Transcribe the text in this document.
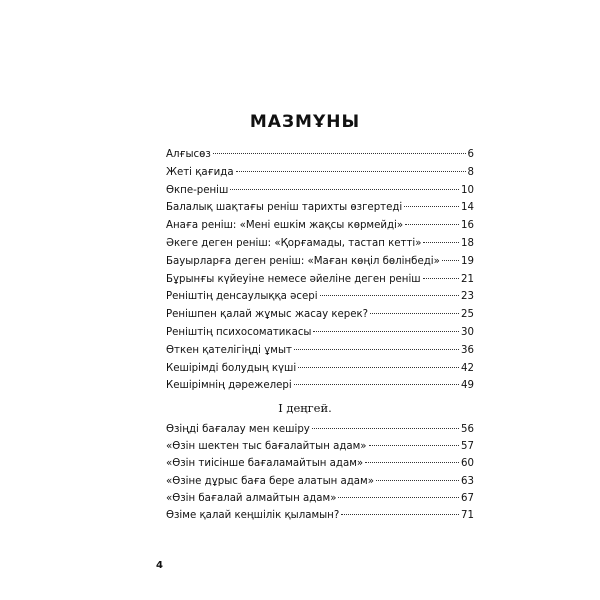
МАЗМҰНЫ
Алғысөз	6
Жеті қағида	8
Өкпе-реніш	10
Балалық шақтағы реніш тарихты өзгертеді	14
Анаға реніш: «Мені ешкім жақсы көрмейді»	16
Әкеге деген реніш: «Қорғамады, тастап кетті»	18
Бауырларға деген реніш: «Маған көңіл бөлінбеді» 19
Бұрынғы күйеуіне немесе әйеліне деген реніш	21
Ренiштiң денсаулыққа әсерi	23
Ренішпен қалай жұмыс жасау керек?	25
Ренiштiң психосоматикасы	30
Өткен қателігіңді ұмыт	36
Кешірімді болудың күші	42
Кешірімнің дәрежелері	49
І деңгей.
Өзіңді бағалау мен кешіру	56
«Өзін шектен тыс бағалайтын адам»	57
«Өзін тиісінше бағаламайтын адам»	60
«Өзіне дұрыс баға бере алатын адам»	63
«Өзін бағалай алмайтын адам»	67
Өзіме қалай кеңшілік қыламын?	71
4
